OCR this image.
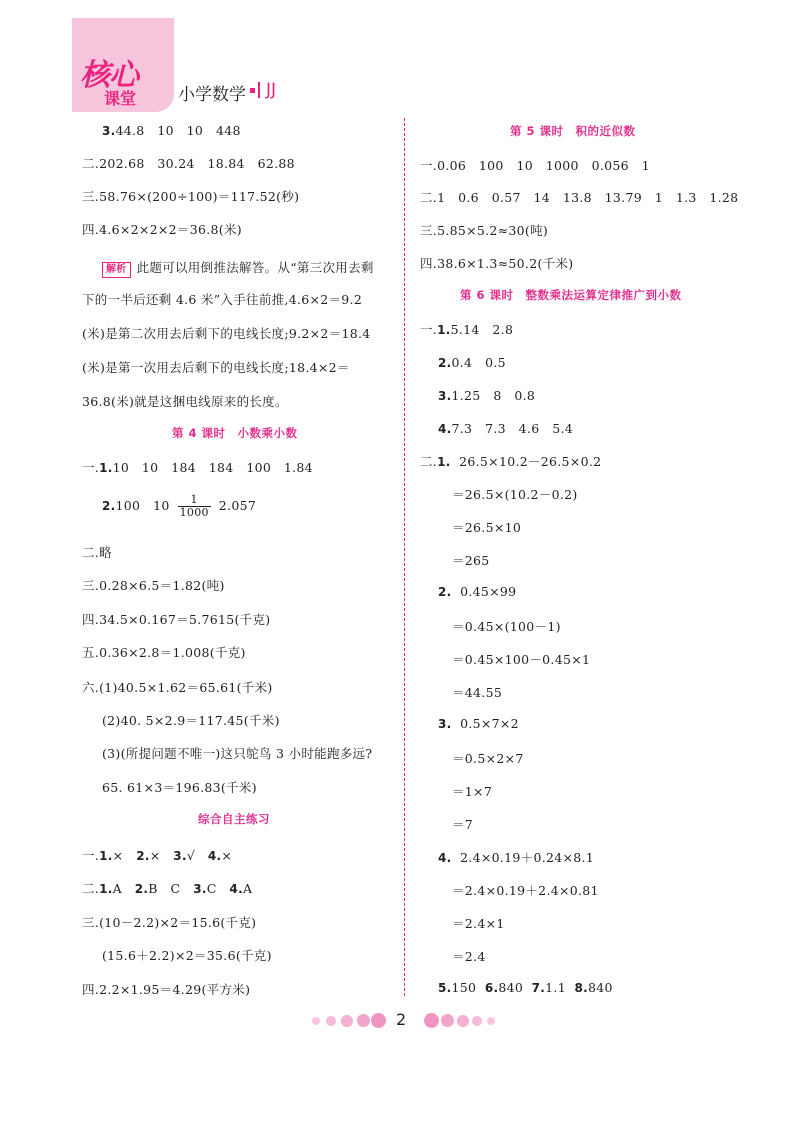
核心
课堂 小学数学 JJ
3.44.8　10　10　448
二.202.68　30.24　18.84　62.88
三.58.76×(200÷100)＝117.52(秒)
四.4.6×2×2×2＝36.8(米)
解析 此题可以用倒推法解答。从“第三次用去剩
下的一半后还剩 4.6 米”入手往前推,4.6×2＝9.2
(米)是第二次用去后剩下的电线长度;9.2×2＝18.4
(米)是第一次用去后剩下的电线长度;18.4×2＝
36.8(米)就是这捆电线原来的长度。
第 4 课时　小数乘小数
一.1.10　10　184　184　100　1.84
2.100　$10 \frac{1}{1000} 2.057$
二.略
三.0.28×6.5＝1.82(吨)
四.34.5×0.167＝5.7615(千克)
五.0.36×2.8＝1.008(千克)
六.(1)40.5×1.62＝65.61(千米)
(2)40. 5×2.9＝117.45(千米)
(3)(所提问题不唯一)这只鸵鸟 3 小时能跑多远?
65. 61×3＝196.83(千米)
综合自主练习
一.1.×　 2.×　 3.√　 4.×
二.1.A　 2.B　C　 3.C　 4.A
三.(10－2.2)×2＝15.6(千克)
(15.6＋2.2)×2＝35.6(千克)
四.2.2×1.95＝4.29(平方米)
第 5 课时　积的近似数
一.0.06　100　10　1000　0.056　1
二.1　0.6　0.57　14　13.8　13.79　1　1.3　1.28
三.5.85×5.2≈30(吨)
四.38.6×1.3≈50.2(千米)
第 6 课时　整数乘法运算定律推广到小数
一.1.5.14　2.8
2.0.4　0.5
3.1.25　8　0.8
4.7.3　7.3　4.6　5.4
二.1. 26.5×10.2－26.5×0.2
＝26.5×(10.2－0.2)
＝26.5×10
＝265
2. 0.45×99
＝0.45×(100－1)
＝0.45×100－0.45×1
＝44.55
3. 0.5×7×2
＝0.5×2×7
＝1×7
＝7
4. 2.4×0.19＋0.24×8.1
＝2.4×0.19＋2.4×0.81
＝2.4×1
＝2.4
5.150 6.840 7.1.1 8.840
2
